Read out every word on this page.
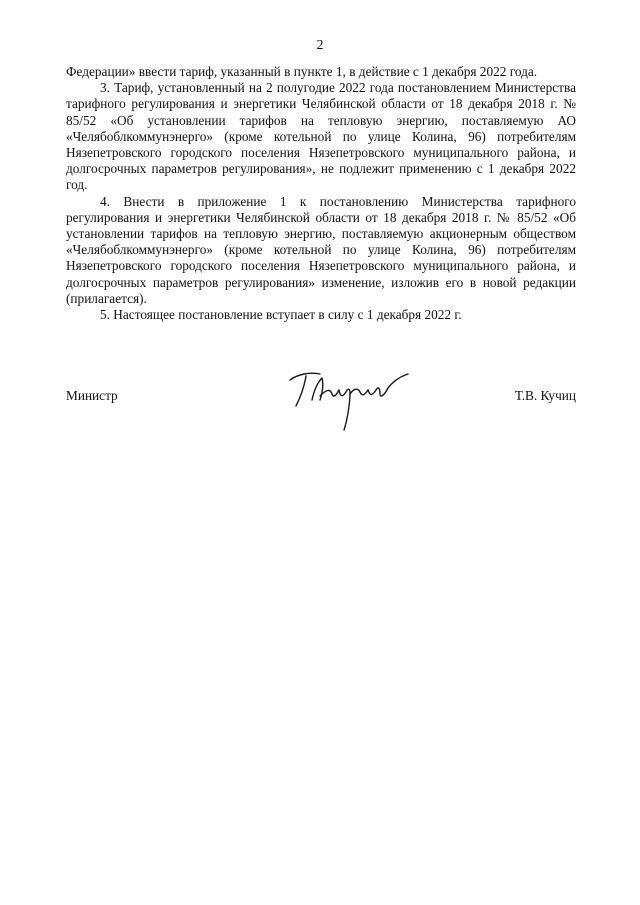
2

Федерации» ввести тариф, указанный в пункте 1, в действие с 1 декабря 2022 года.

3. Тариф, установленный на 2 полугодие 2022 года постановлением Министерства тарифного регулирования и энергетики Челябинской области от 18 декабря 2018 г. № 85/52 «Об установлении тарифов на тепловую энергию, поставляемую АО «Челябоблкоммунэнерго» (кроме котельной по улице Колина, 96) потребителям Нязепетровского городского поселения Нязепетровского муниципального района, и долгосрочных параметров регулирования», не подлежит применению с 1 декабря 2022 год.

4. Внести в приложение 1 к постановлению Министерства тарифного регулирования и энергетики Челябинской области от 18 декабря 2018 г. № 85/52 «Об установлении тарифов на тепловую энергию, поставляемую акционерным обществом «Челябоблкоммунэнерго» (кроме котельной по улице Колина, 96) потребителям Нязепетровского городского поселения Нязепетровского муниципального района, и долгосрочных параметров регулирования» изменение, изложив его в новой редакции (прилагается).

5. Настоящее постановление вступает в силу с 1 декабря 2022 г.

Министр	Т.В. Кучиц
